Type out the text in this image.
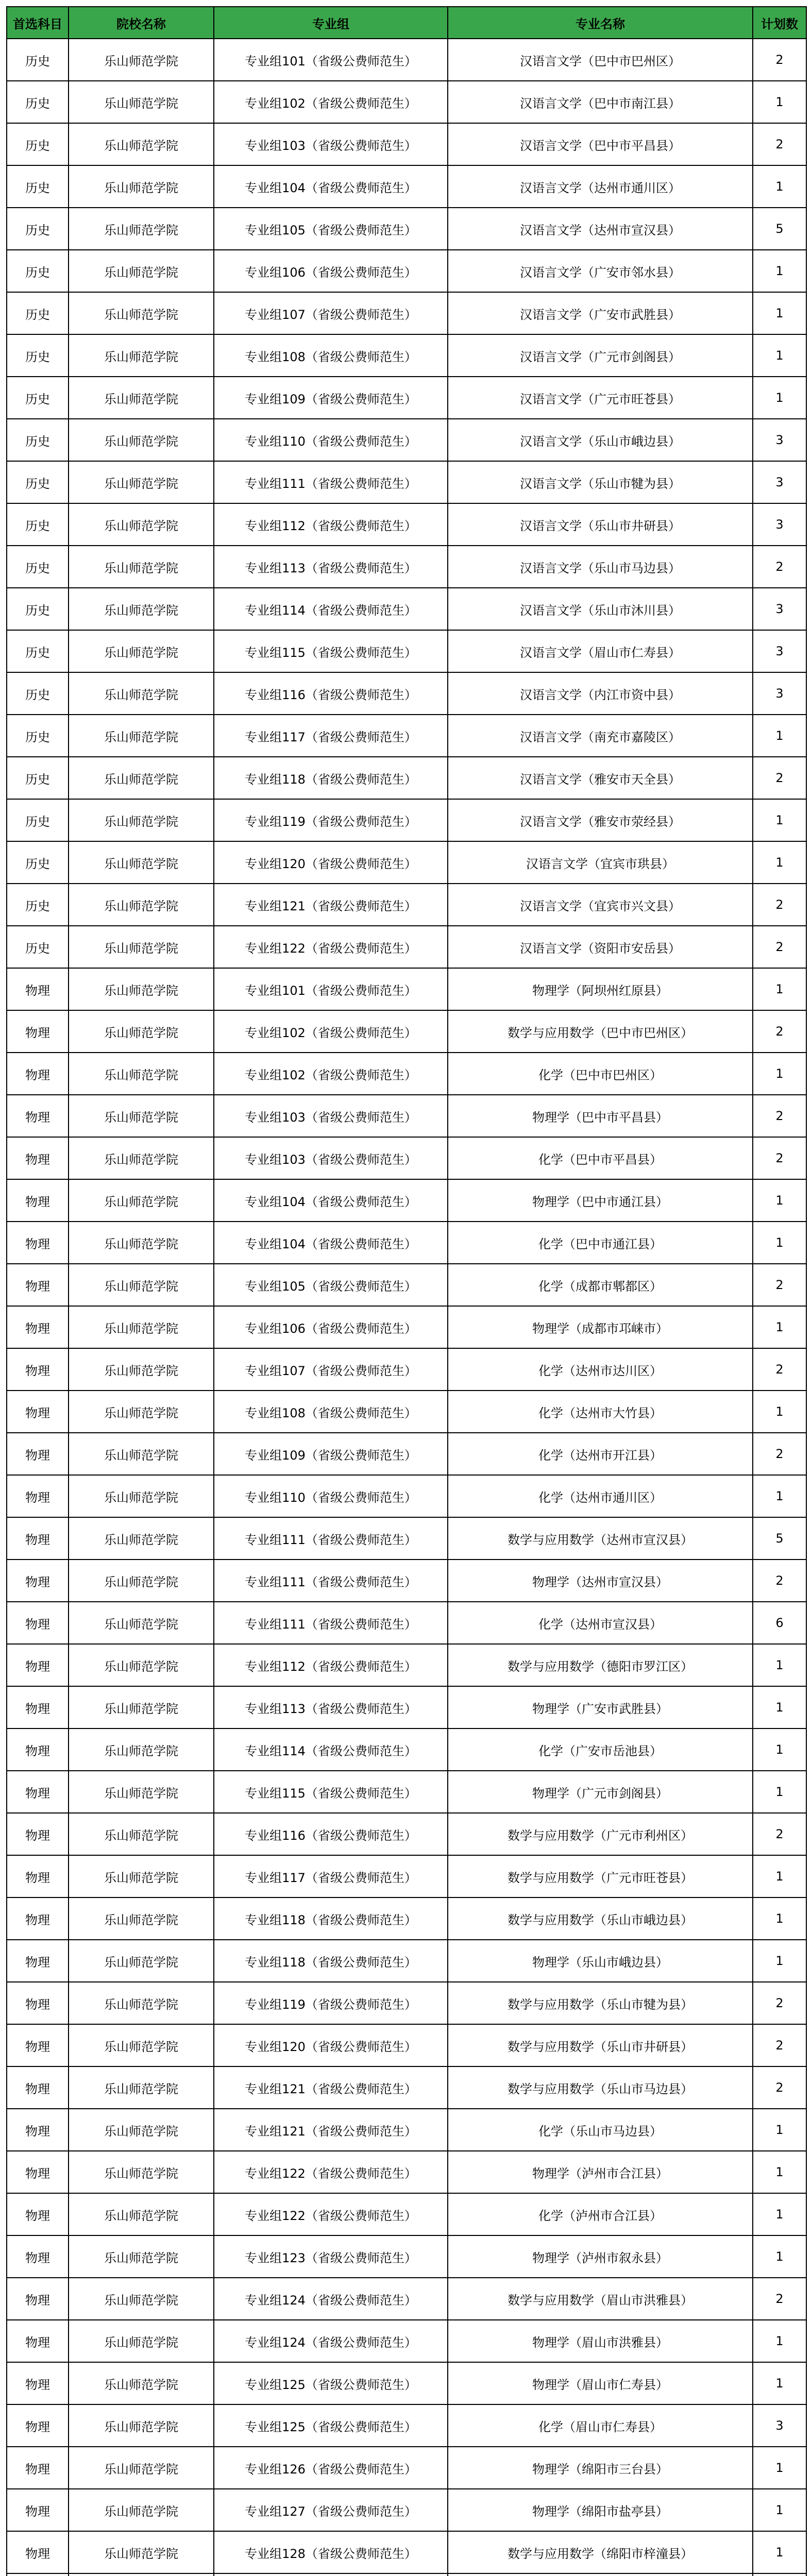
首选科目	院校名称	专业组	专业名称	计划数
历史	乐山师范学院	专业组101（省级公费师范生）	汉语言文学（巴中市巴州区）	2
历史	乐山师范学院	专业组102（省级公费师范生）	汉语言文学（巴中市南江县）	1
历史	乐山师范学院	专业组103（省级公费师范生）	汉语言文学（巴中市平昌县）	2
历史	乐山师范学院	专业组104（省级公费师范生）	汉语言文学（达州市通川区）	1
历史	乐山师范学院	专业组105（省级公费师范生）	汉语言文学（达州市宣汉县）	5
历史	乐山师范学院	专业组106（省级公费师范生）	汉语言文学（广安市邻水县）	1
历史	乐山师范学院	专业组107（省级公费师范生）	汉语言文学（广安市武胜县）	1
历史	乐山师范学院	专业组108（省级公费师范生）	汉语言文学（广元市剑阁县）	1
历史	乐山师范学院	专业组109（省级公费师范生）	汉语言文学（广元市旺苍县）	1
历史	乐山师范学院	专业组110（省级公费师范生）	汉语言文学（乐山市峨边县）	3
历史	乐山师范学院	专业组111（省级公费师范生）	汉语言文学（乐山市犍为县）	3
历史	乐山师范学院	专业组112（省级公费师范生）	汉语言文学（乐山市井研县）	3
历史	乐山师范学院	专业组113（省级公费师范生）	汉语言文学（乐山市马边县）	2
历史	乐山师范学院	专业组114（省级公费师范生）	汉语言文学（乐山市沐川县）	3
历史	乐山师范学院	专业组115（省级公费师范生）	汉语言文学（眉山市仁寿县）	3
历史	乐山师范学院	专业组116（省级公费师范生）	汉语言文学（内江市资中县）	3
历史	乐山师范学院	专业组117（省级公费师范生）	汉语言文学（南充市嘉陵区）	1
历史	乐山师范学院	专业组118（省级公费师范生）	汉语言文学（雅安市天全县）	2
历史	乐山师范学院	专业组119（省级公费师范生）	汉语言文学（雅安市荥经县）	1
历史	乐山师范学院	专业组120（省级公费师范生）	汉语言文学（宜宾市珙县）	1
历史	乐山师范学院	专业组121（省级公费师范生）	汉语言文学（宜宾市兴文县）	2
历史	乐山师范学院	专业组122（省级公费师范生）	汉语言文学（资阳市安岳县）	2
物理	乐山师范学院	专业组101（省级公费师范生）	物理学（阿坝州红原县）	1
物理	乐山师范学院	专业组102（省级公费师范生）	数学与应用数学（巴中市巴州区）	2
物理	乐山师范学院	专业组102（省级公费师范生）	化学（巴中市巴州区）	1
物理	乐山师范学院	专业组103（省级公费师范生）	物理学（巴中市平昌县）	2
物理	乐山师范学院	专业组103（省级公费师范生）	化学（巴中市平昌县）	2
物理	乐山师范学院	专业组104（省级公费师范生）	物理学（巴中市通江县）	1
物理	乐山师范学院	专业组104（省级公费师范生）	化学（巴中市通江县）	1
物理	乐山师范学院	专业组105（省级公费师范生）	化学（成都市郫都区）	2
物理	乐山师范学院	专业组106（省级公费师范生）	物理学（成都市邛崃市）	1
物理	乐山师范学院	专业组107（省级公费师范生）	化学（达州市达川区）	2
物理	乐山师范学院	专业组108（省级公费师范生）	化学（达州市大竹县）	1
物理	乐山师范学院	专业组109（省级公费师范生）	化学（达州市开江县）	2
物理	乐山师范学院	专业组110（省级公费师范生）	化学（达州市通川区）	1
物理	乐山师范学院	专业组111（省级公费师范生）	数学与应用数学（达州市宣汉县）	5
物理	乐山师范学院	专业组111（省级公费师范生）	物理学（达州市宣汉县）	2
物理	乐山师范学院	专业组111（省级公费师范生）	化学（达州市宣汉县）	6
物理	乐山师范学院	专业组112（省级公费师范生）	数学与应用数学（德阳市罗江区）	1
物理	乐山师范学院	专业组113（省级公费师范生）	物理学（广安市武胜县）	1
物理	乐山师范学院	专业组114（省级公费师范生）	化学（广安市岳池县）	1
物理	乐山师范学院	专业组115（省级公费师范生）	物理学（广元市剑阁县）	1
物理	乐山师范学院	专业组116（省级公费师范生）	数学与应用数学（广元市利州区）	2
物理	乐山师范学院	专业组117（省级公费师范生）	数学与应用数学（广元市旺苍县）	1
物理	乐山师范学院	专业组118（省级公费师范生）	数学与应用数学（乐山市峨边县）	1
物理	乐山师范学院	专业组118（省级公费师范生）	物理学（乐山市峨边县）	1
物理	乐山师范学院	专业组119（省级公费师范生）	数学与应用数学（乐山市犍为县）	2
物理	乐山师范学院	专业组120（省级公费师范生）	数学与应用数学（乐山市井研县）	2
物理	乐山师范学院	专业组121（省级公费师范生）	数学与应用数学（乐山市马边县）	2
物理	乐山师范学院	专业组121（省级公费师范生）	化学（乐山市马边县）	1
物理	乐山师范学院	专业组122（省级公费师范生）	物理学（泸州市合江县）	1
物理	乐山师范学院	专业组122（省级公费师范生）	化学（泸州市合江县）	1
物理	乐山师范学院	专业组123（省级公费师范生）	物理学（泸州市叙永县）	1
物理	乐山师范学院	专业组124（省级公费师范生）	数学与应用数学（眉山市洪雅县）	2
物理	乐山师范学院	专业组124（省级公费师范生）	物理学（眉山市洪雅县）	1
物理	乐山师范学院	专业组125（省级公费师范生）	物理学（眉山市仁寿县）	1
物理	乐山师范学院	专业组125（省级公费师范生）	化学（眉山市仁寿县）	3
物理	乐山师范学院	专业组126（省级公费师范生）	物理学（绵阳市三台县）	1
物理	乐山师范学院	专业组127（省级公费师范生）	物理学（绵阳市盐亭县）	1
物理	乐山师范学院	专业组128（省级公费师范生）	数学与应用数学（绵阳市梓潼县）	1
